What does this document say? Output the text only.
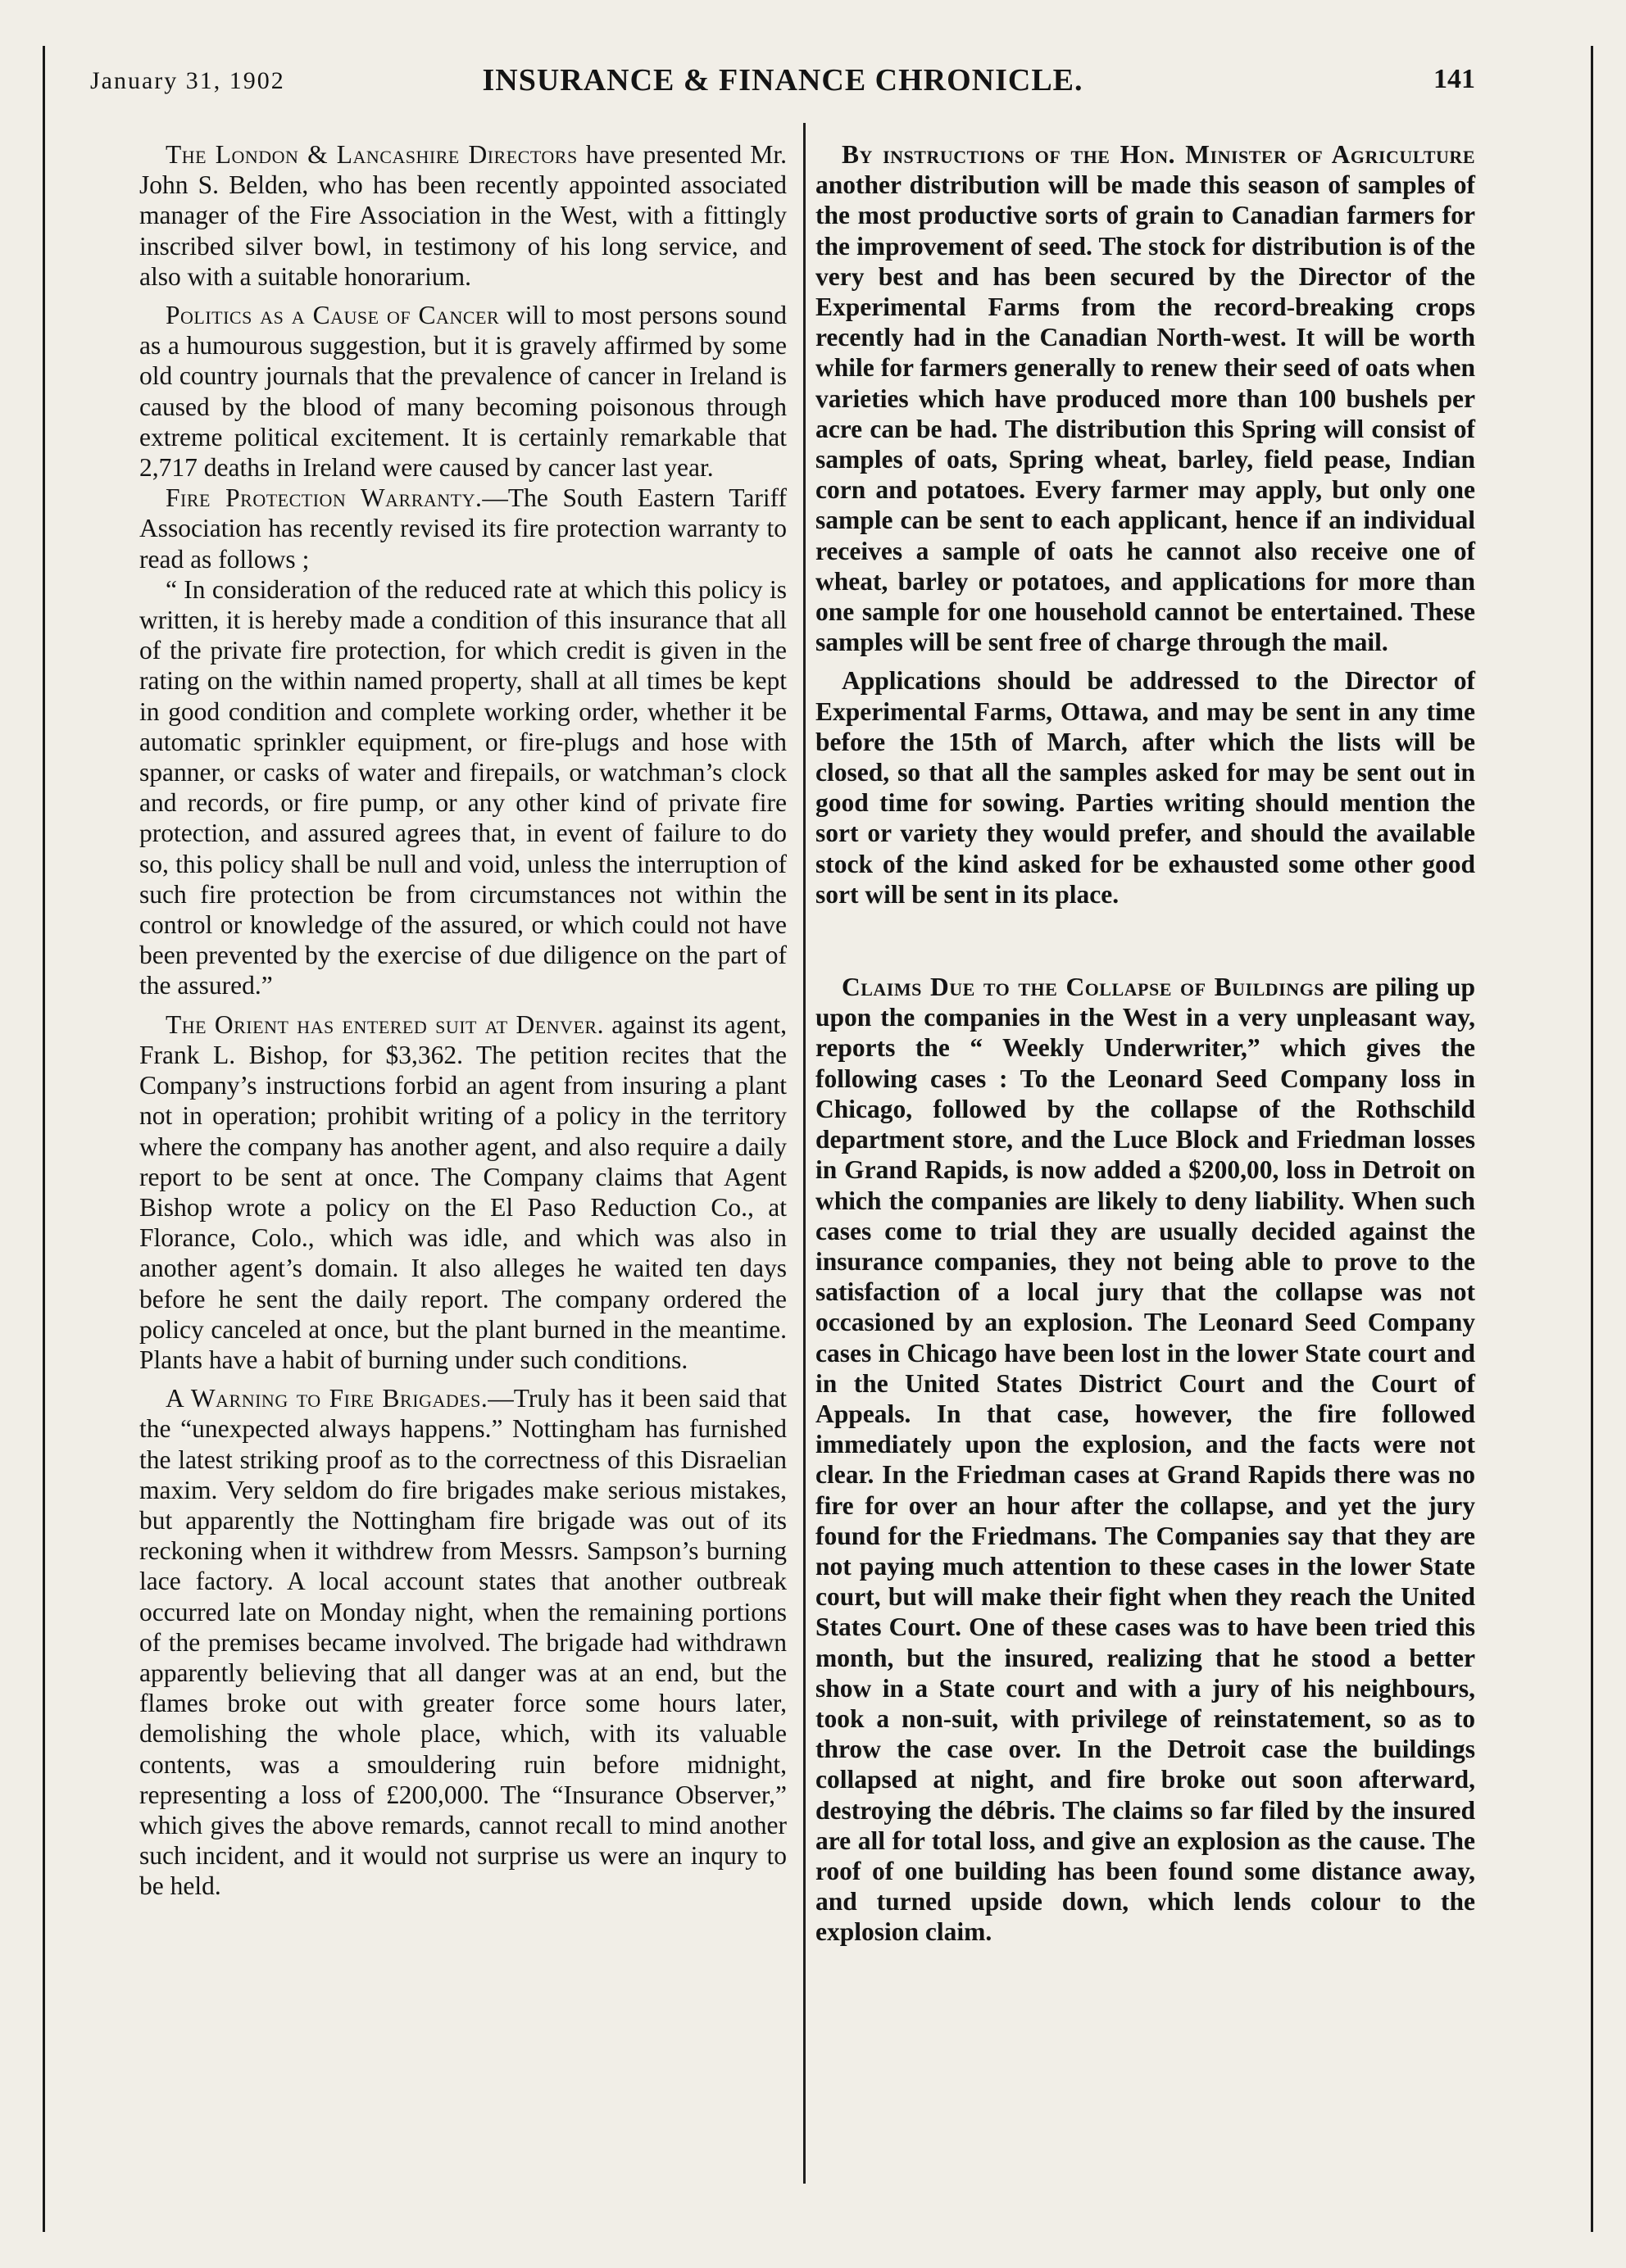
January 31, 1902	INSURANCE & FINANCE CHRONICLE.	141

The London & Lancashire Directors have presented Mr. John S. Belden, who has been recently appointed associated manager of the Fire Association in the West, with a fittingly inscribed silver bowl, in testimony of his long service, and also with a suitable honorarium.

Politics as a Cause of Cancer will to most persons sound as a humourous suggestion, but it is gravely affirmed by some old country journals that the prevalence of cancer in Ireland is caused by the blood of many becoming poisonous through extreme political excitement. It is certainly remarkable that 2,717 deaths in Ireland were caused by cancer last year.

Fire Protection Warranty.—The South Eastern Tariff Association has recently revised its fire protection warranty to read as follows ;

“ In consideration of the reduced rate at which this policy is written, it is hereby made a condition of this insurance that all of the private fire protection, for which credit is given in the rating on the within named property, shall at all times be kept in good condition and complete working order, whether it be automatic sprinkler equipment, or fire-plugs and hose with spanner, or casks of water and firepails, or watchman’s clock and records, or fire pump, or any other kind of private fire protection, and assured agrees that, in event of failure to do so, this policy shall be null and void, unless the interruption of such fire protection be from circumstances not within the control or knowledge of the assured, or which could not have been prevented by the exercise of due diligence on the part of the assured.”

The Orient has entered suit at Denver. against its agent, Frank L. Bishop, for $3,362. The petition recites that the Company’s instructions forbid an agent from insuring a plant not in operation; prohibit writing of a policy in the territory where the company has another agent, and also require a daily report to be sent at once. The Company claims that Agent Bishop wrote a policy on the El Paso Reduction Co., at Florance, Colo., which was idle, and which was also in another agent’s domain. It also alleges he waited ten days before he sent the daily report. The company ordered the policy canceled at once, but the plant burned in the meantime. Plants have a habit of burning under such conditions.

A Warning to Fire Brigades.—Truly has it been said that the “unexpected always happens.” Nottingham has furnished the latest striking proof as to the correctness of this Disraelian maxim. Very seldom do fire brigades make serious mistakes, but apparently the Nottingham fire brigade was out of its reckoning when it withdrew from Messrs. Sampson’s burning lace factory. A local account states that another outbreak occurred late on Monday night, when the remaining portions of the premises became involved. The brigade had withdrawn apparently believing that all danger was at an end, but the flames broke out with greater force some hours later, demolishing the whole place, which, with its valuable contents, was a smouldering ruin before midnight, representing a loss of £200,000. The “Insurance Observer,” which gives the above remards, cannot recall to mind another such incident, and it would not surprise us were an inqury to be held.

By instructions of the Hon. Minister of Agriculture another distribution will be made this season of samples of the most productive sorts of grain to Canadian farmers for the improvement of seed. The stock for distribution is of the very best and has been secured by the Director of the Experimental Farms from the record-breaking crops recently had in the Canadian North-west. It will be worth while for farmers generally to renew their seed of oats when varieties which have produced more than 100 bushels per acre can be had. The distribution this Spring will consist of samples of oats, Spring wheat, barley, field pease, Indian corn and potatoes. Every farmer may apply, but only one sample can be sent to each applicant, hence if an individual receives a sample of oats he cannot also receive one of wheat, barley or potatoes, and applications for more than one sample for one household cannot be entertained. These samples will be sent free of charge through the mail.

Applications should be addressed to the Director of Experimental Farms, Ottawa, and may be sent in any time before the 15th of March, after which the lists will be closed, so that all the samples asked for may be sent out in good time for sowing. Parties writing should mention the sort or variety they would prefer, and should the available stock of the kind asked for be exhausted some other good sort will be sent in its place.

Claims Due to the Collapse of Buildings are piling up upon the companies in the West in a very unpleasant way, reports the “ Weekly Underwriter,” which gives the following cases : To the Leonard Seed Company loss in Chicago, followed by the collapse of the Rothschild department store, and the Luce Block and Friedman losses in Grand Rapids, is now added a $200,00, loss in Detroit on which the companies are likely to deny liability. When such cases come to trial they are usually decided against the insurance companies, they not being able to prove to the satisfaction of a local jury that the collapse was not occasioned by an explosion. The Leonard Seed Company cases in Chicago have been lost in the lower State court and in the United States District Court and the Court of Appeals. In that case, however, the fire followed immediately upon the explosion, and the facts were not clear. In the Friedman cases at Grand Rapids there was no fire for over an hour after the collapse, and yet the jury found for the Friedmans. The Companies say that they are not paying much attention to these cases in the lower State court, but will make their fight when they reach the United States Court. One of these cases was to have been tried this month, but the insured, realizing that he stood a better show in a State court and with a jury of his neighbours, took a non-suit, with privilege of reinstatement, so as to throw the case over. In the Detroit case the buildings collapsed at night, and fire broke out soon afterward, destroying the débris. The claims so far filed by the insured are all for total loss, and give an explosion as the cause. The roof of one building has been found some distance away, and turned upside down, which lends colour to the explosion claim.
